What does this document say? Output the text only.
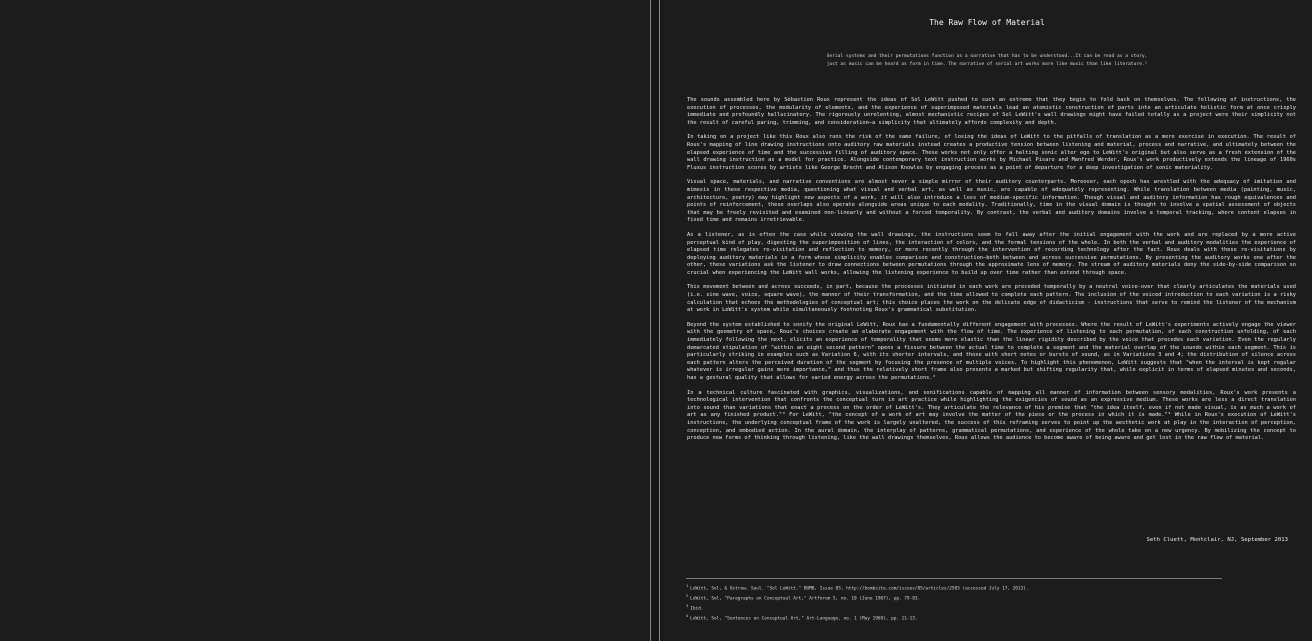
The Raw Flow of Material

Serial systems and their permutations function as a narrative that has to be understood...It can be read as a story, just as music can be heard as form in time. The narrative of serial art works more like music than like literature.¹

The sounds assembled here by Sébastien Roux represent the ideas of Sol LeWitt pushed to such an extreme that they begin to fold back on themselves. The following of instructions, the execution of processes, the modularity of elements, and the experience of superimposed materials lead an atomistic construction of parts into an articulate holistic form at once crisply immediate and profoundly hallucinatory. The rigorously unrelenting, almost mechanistic recipes of Sol LeWitt's wall drawings might have failed totally as a project were their simplicity not the result of careful paring, trimming, and consideration—a simplicity that ultimately affords complexity and depth.

In taking on a project like this Roux also runs the risk of the same failure, of losing the ideas of LeWitt to the pitfalls of translation as a mere exercise in execution. The result of Roux's mapping of line drawing instructions onto auditory raw materials instead creates a productive tension between listening and material, process and narrative, and ultimately between the elapsed experience of time and the successive filling of auditory space. These works not only offer a halting sonic alter ego to LeWitt's original but also serve as a fresh extension of the wall drawing instruction as a model for practice. Alongside contemporary text instruction works by Michael Pisaro and Manfred Werder, Roux's work productively extends the lineage of 1960s Fluxus instruction scores by artists like George Brecht and Alison Knowles by engaging process as a point of departure for a deep investigation of sonic materiality.

Visual space, materials, and narrative conventions are almost never a simple mirror of their auditory counterparts. Moreover, each epoch has wrestled with the adequacy of imitation and mimesis in these respective media, questioning what visual and verbal art, as well as music, are capable of adequately representing. While translation between media (painting, music, architecture, poetry) may highlight new aspects of a work, it will also introduce a loss of medium-specific information. Though visual and auditory information has rough equivalences and points of reinforcement, these overlaps also operate alongside areas unique to each modality. Traditionally, time in the visual domain is thought to involve a spatial assessment of objects that may be freely revisited and examined non-linearly and without a forced temporality. By contrast, the verbal and auditory domains involve a temporal tracking, where content elapses in fixed time and remains irretrievable.

As a listener, as is often the case while viewing the wall drawings, the instructions seem to fall away after the initial engagement with the work and are replaced by a more active perceptual kind of play, digesting the superimposition of lines, the interaction of colors, and the formal tensions of the whole. In both the verbal and auditory modalities the experience of elapsed time relegates re-visitation and reflection to memory, or more recently through the intervention of recording technology after the fact. Roux deals with these re-visitations by deploying auditory materials in a form whose simplicity enables comparison and construction—both between and across successive permutations. By presenting the auditory works one after the other, these variations ask the listener to draw connections between permutations through the approximate lens of memory. The stream of auditory materials deny the side-by-side comparison so crucial when experiencing the LeWitt wall works, allowing the listening experience to build up over time rather than extend through space.

This movement between and across succeeds, in part, because the processes initiated in each work are preceded temporally by a neutral voice-over that clearly articulates the materials used (i.e. sine wave, voice, square wave), the manner of their transformation, and the time allowed to complete each pattern. The inclusion of the voiced introduction to each variation is a risky calculation that echoes the methodologies of conceptual art; this choice places the work on the delicate edge of didacticism - instructions that serve to remind the listener of the mechanism at work in LeWitt's system while simultaneously footnoting Roux's grammatical substitution.

Beyond the system established to sonify the original LeWitt, Roux has a fundamentally different engagement with processes. Where the result of LeWitt's experiments actively engage the viewer with the geometry of space, Roux's choices create an elaborate engagement with the flow of time. The experience of listening to each permutation, of each construction unfolding, of each immediately following the next, elicits an experience of temporality that seems more elastic than the linear rigidity described by the voice that precedes each variation. Even the regularly demarcated stipulation of "within an eight second pattern" opens a fissure between the actual time to complete a segment and the material overlap of the sounds within each segment. This is particularly striking in examples such as Variation 6, with its shorter intervals, and those with short notes or bursts of sound, as in Variations 3 and 4; the distribution of silence across each pattern alters the perceived duration of the segment by focusing the presence of multiple voices. To highlight this phenomenon, LeWitt suggests that "when the interval is kept regular whatever is irregular gains more importance," and thus the relatively short frame also presents a marked but shifting regularity that, while explicit in terms of elapsed minutes and seconds, has a gestural quality that allows for varied energy across the permutations.²

In a technical culture fascinated with graphics, visualizations, and sonifications capable of mapping all manner of information between sensory modalities, Roux's work presents a technological intervention that confronts the conceptual turn in art practice while highlighting the exigencies of sound as an expressive medium. These works are less a direct translation into sound than variations that enact a process on the order of LeWitt's. They articulate the relevance of his premise that "the idea itself, even if not made visual, is as much a work of art as any finished product."³ For LeWitt, "the concept of a work of art may involve the matter of the piece or the process in which it is made."⁴ While in Roux's execution of LeWitt's instructions, the underlying conceptual frame of the work is largely unaltered, the success of this reframing serves to point up the aesthetic work at play in the interaction of perception, conception, and embodied action. In the aural domain, the interplay of patterns, grammatical permutations, and experience of the whole take on a new urgency. By mobilizing the concept to produce new forms of thinking through listening, like the wall drawings themselves, Roux allows the audience to become aware of being aware and get lost in the raw flow of material.

Seth Cluett, Montclair, NJ, September 2013
$^1$LeWitt, Sol, & Ostrow, Saul. "Sol LeWitt." BOMB, Issue 85, http://bombsite.com/issues/85/articles/2583 (accessed July 17, 2013).
$^2$LeWitt, Sol, "Paragraphs on Conceptual Art," Artforum 5, no. 10 (June 1967), pp. 79-83.
$^3$Ibid.
$^4$LeWitt, Sol, "Sentences on Conceptual Art," Art-Language, no. 1 (May 1969), pp. 11-13.
